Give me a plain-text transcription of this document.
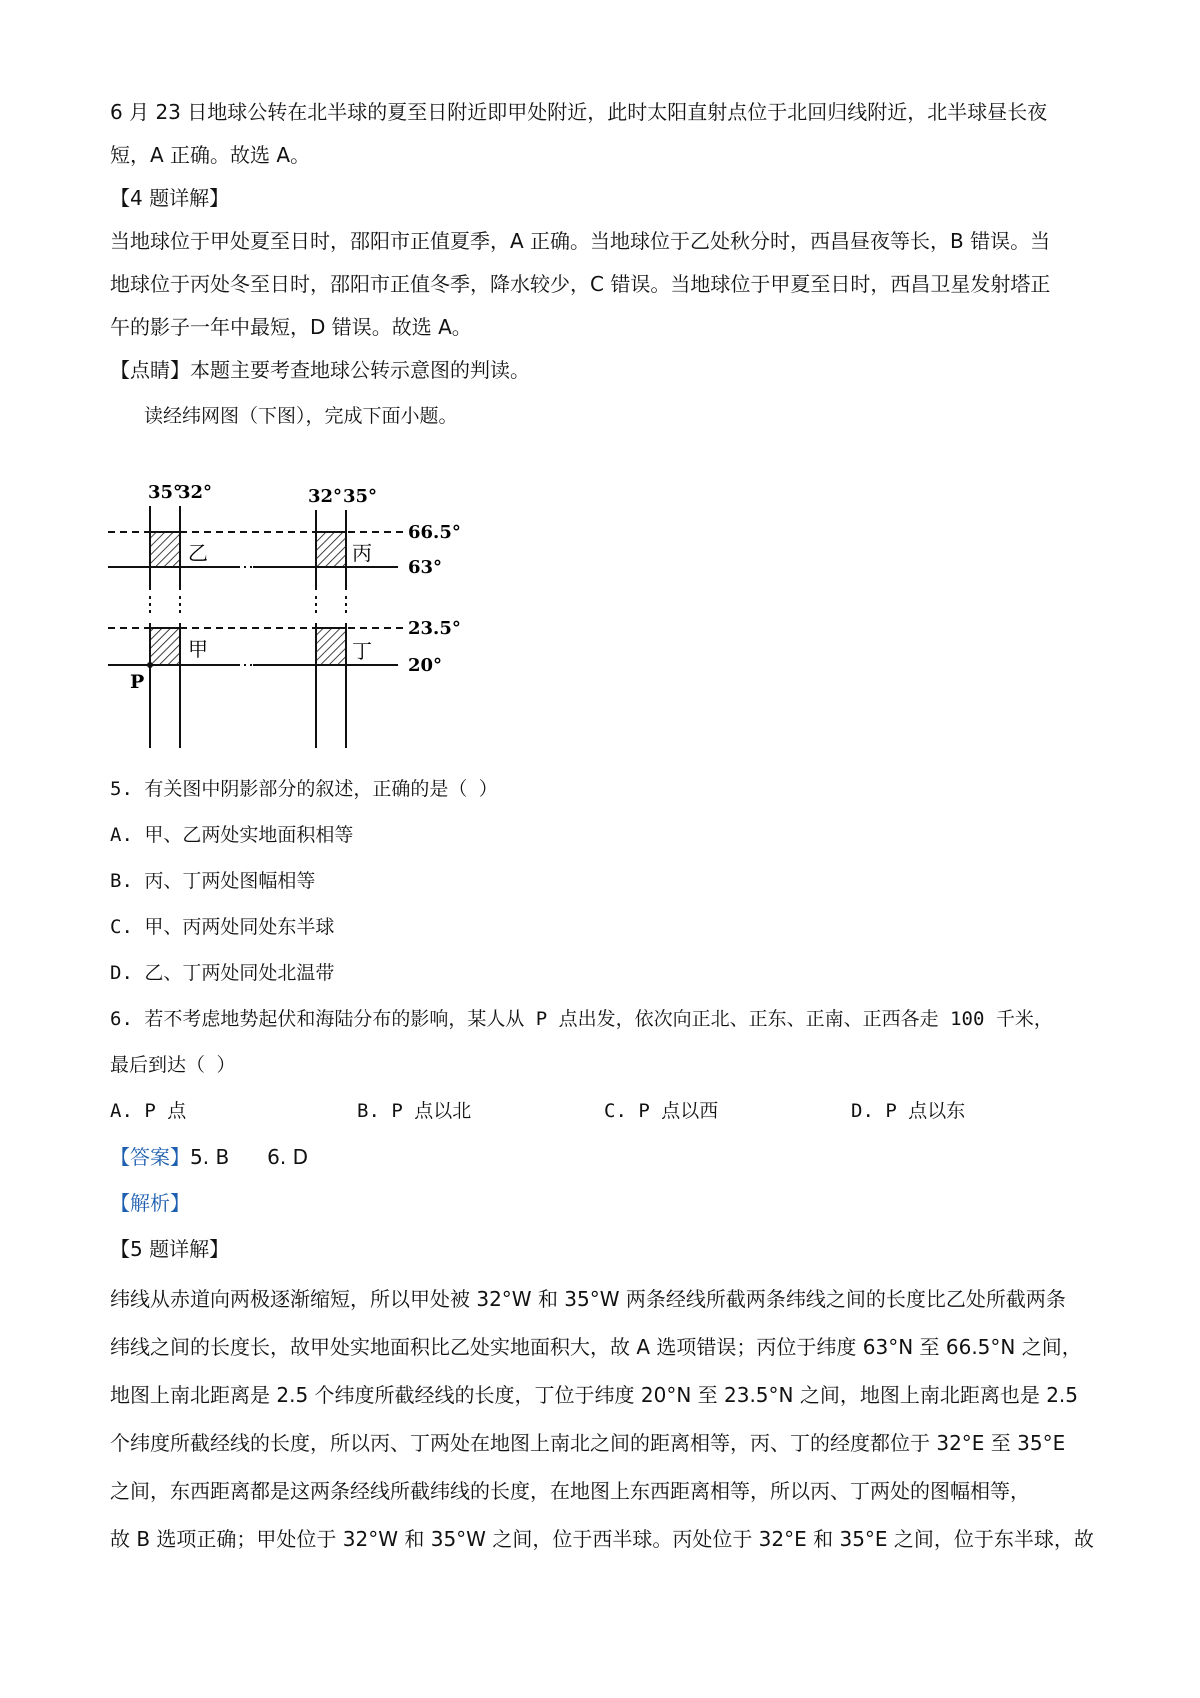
6 月 23 日地球公转在北半球的夏至日附近即甲处附近，此时太阳直射点位于北回归线附近，北半球昼长夜
短，A 正确。故选 A。
【4 题详解】
当地球位于甲处夏至日时，邵阳市正值夏季，A 正确。当地球位于乙处秋分时，西昌昼夜等长，B 错误。当
地球位于丙处冬至日时，邵阳市正值冬季，降水较少，C 错误。当地球位于甲夏至日时，西昌卫星发射塔正
午的影子一年中最短，D 错误。故选 A。
【点睛】本题主要考查地球公转示意图的判读。
读经纬网图（下图），完成下面小题。
35°
32°	32° 35°
乙	丙
甲	丁
66.5°
63°
23.5°
20°
P
5. 有关图中阴影部分的叙述，正确的是（ ）
A. 甲、乙两处实地面积相等
B. 丙、丁两处图幅相等
C. 甲、丙两处同处东半球
D. 乙、丁两处同处北温带
6. 若不考虑地势起伏和海陆分布的影响，某人从 P 点出发，依次向正北、正东、正南、正西各走 100 千米，
最后到达（ ）
A. P 点	B. P 点以北	C. P 点以西	D. P 点以东
【答案】5. B 6. D
【解析】
【5 题详解】
纬线从赤道向两极逐渐缩短，所以甲处被 32°W 和 35°W 两条经线所截两条纬线之间的长度比乙处所截两条
纬线之间的长度长，故甲处实地面积比乙处实地面积大，故 A 选项错误；丙位于纬度 63°N 至 66.5°N 之间，
地图上南北距离是 2.5 个纬度所截经线的长度，丁位于纬度 20°N 至 23.5°N 之间，地图上南北距离也是 2.5
个纬度所截经线的长度，所以丙、丁两处在地图上南北之间的距离相等，丙、丁的经度都位于 32°E 至 35°E
之间，东西距离都是这两条经线所截纬线的长度，在地图上东西距离相等，所以丙、丁两处的图幅相等，
故 B 选项正确；甲处位于 32°W 和 35°W 之间，位于西半球。丙处位于 32°E 和 35°E 之间，位于东半球，故
